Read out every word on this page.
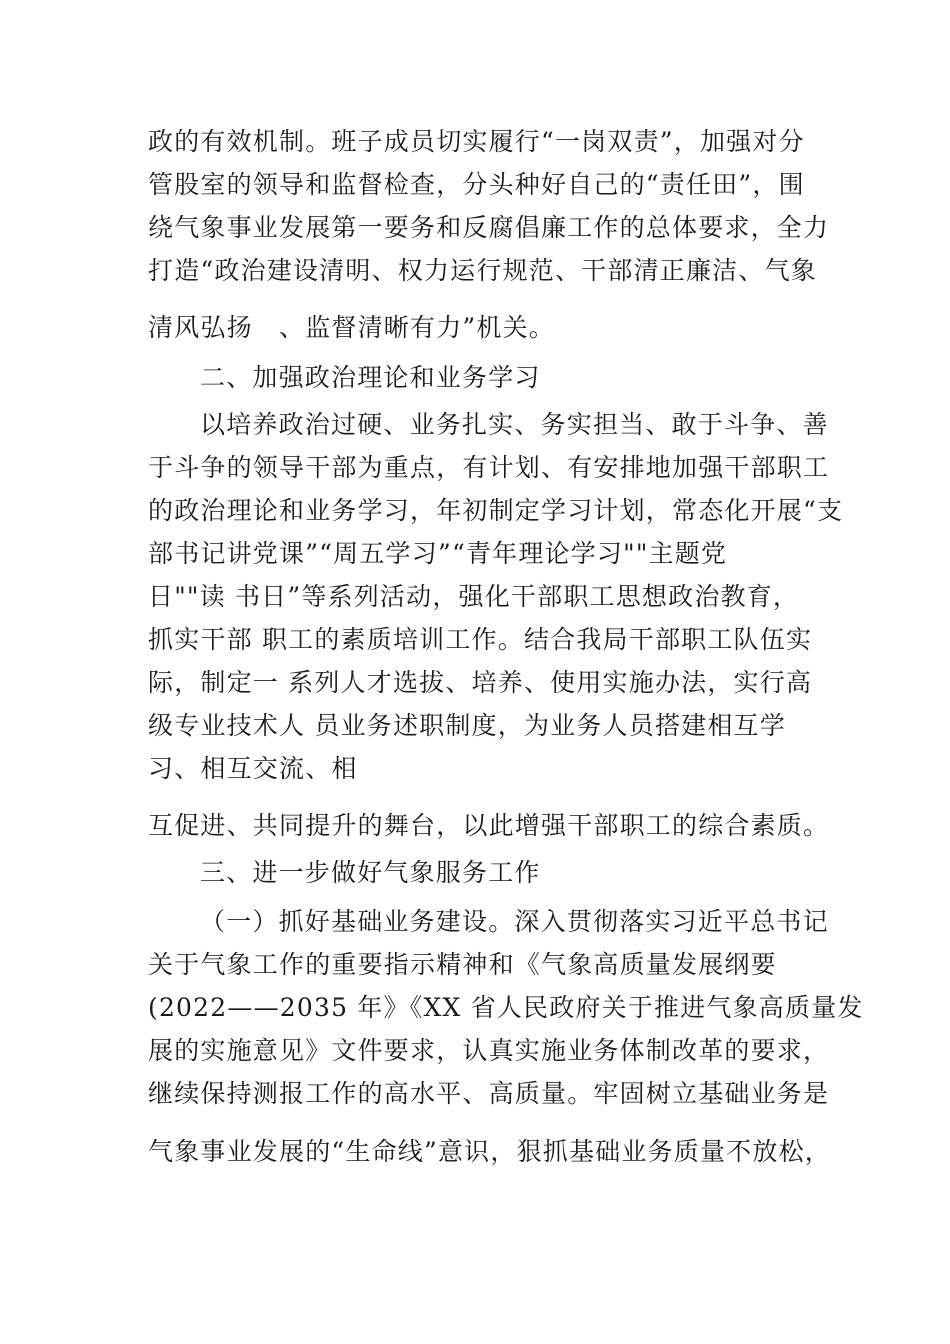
政的有效机制。班子成员切实履行“一岗双责”，加强对分
管股室的领导和监督检查，分头种好自己的“责任田”，围
绕气象事业发展第一要务和反腐倡廉工作的总体要求，全力
打造“政治建设清明、权力运行规范、干部清正廉洁、气象
清风弘扬　、监督清晰有力”机关。
二、加强政治理论和业务学习
以培养政治过硬、业务扎实、务实担当、敢于斗争、善
于斗争的领导干部为重点，有计划、有安排地加强干部职工
的政治理论和业务学习，年初制定学习计划，常态化开展“支
部书记讲党课”“周五学习”“青年理论学习""主题党
日""读 书日”等系列活动，强化干部职工思想政治教育，
抓实干部 职工的素质培训工作。结合我局干部职工队伍实
际，制定一 系列人才选拔、培养、使用实施办法，实行高
级专业技术人 员业务述职制度，为业务人员搭建相互学
习、相互交流、相
互促进、共同提升的舞台，以此增强干部职工的综合素质。
三、进一步做好气象服务工作
（一）抓好基础业务建设。深入贯彻落实习近平总书记
关于气象工作的重要指示精神和《气象高质量发展纲要
(2022——2035 年》《XX 省人民政府关于推进气象高质量发
展的实施意见》文件要求，认真实施业务体制改革的要求，
继续保持测报工作的高水平、高质量。牢固树立基础业务是
气象事业发展的“生命线”意识，狠抓基础业务质量不放松，
